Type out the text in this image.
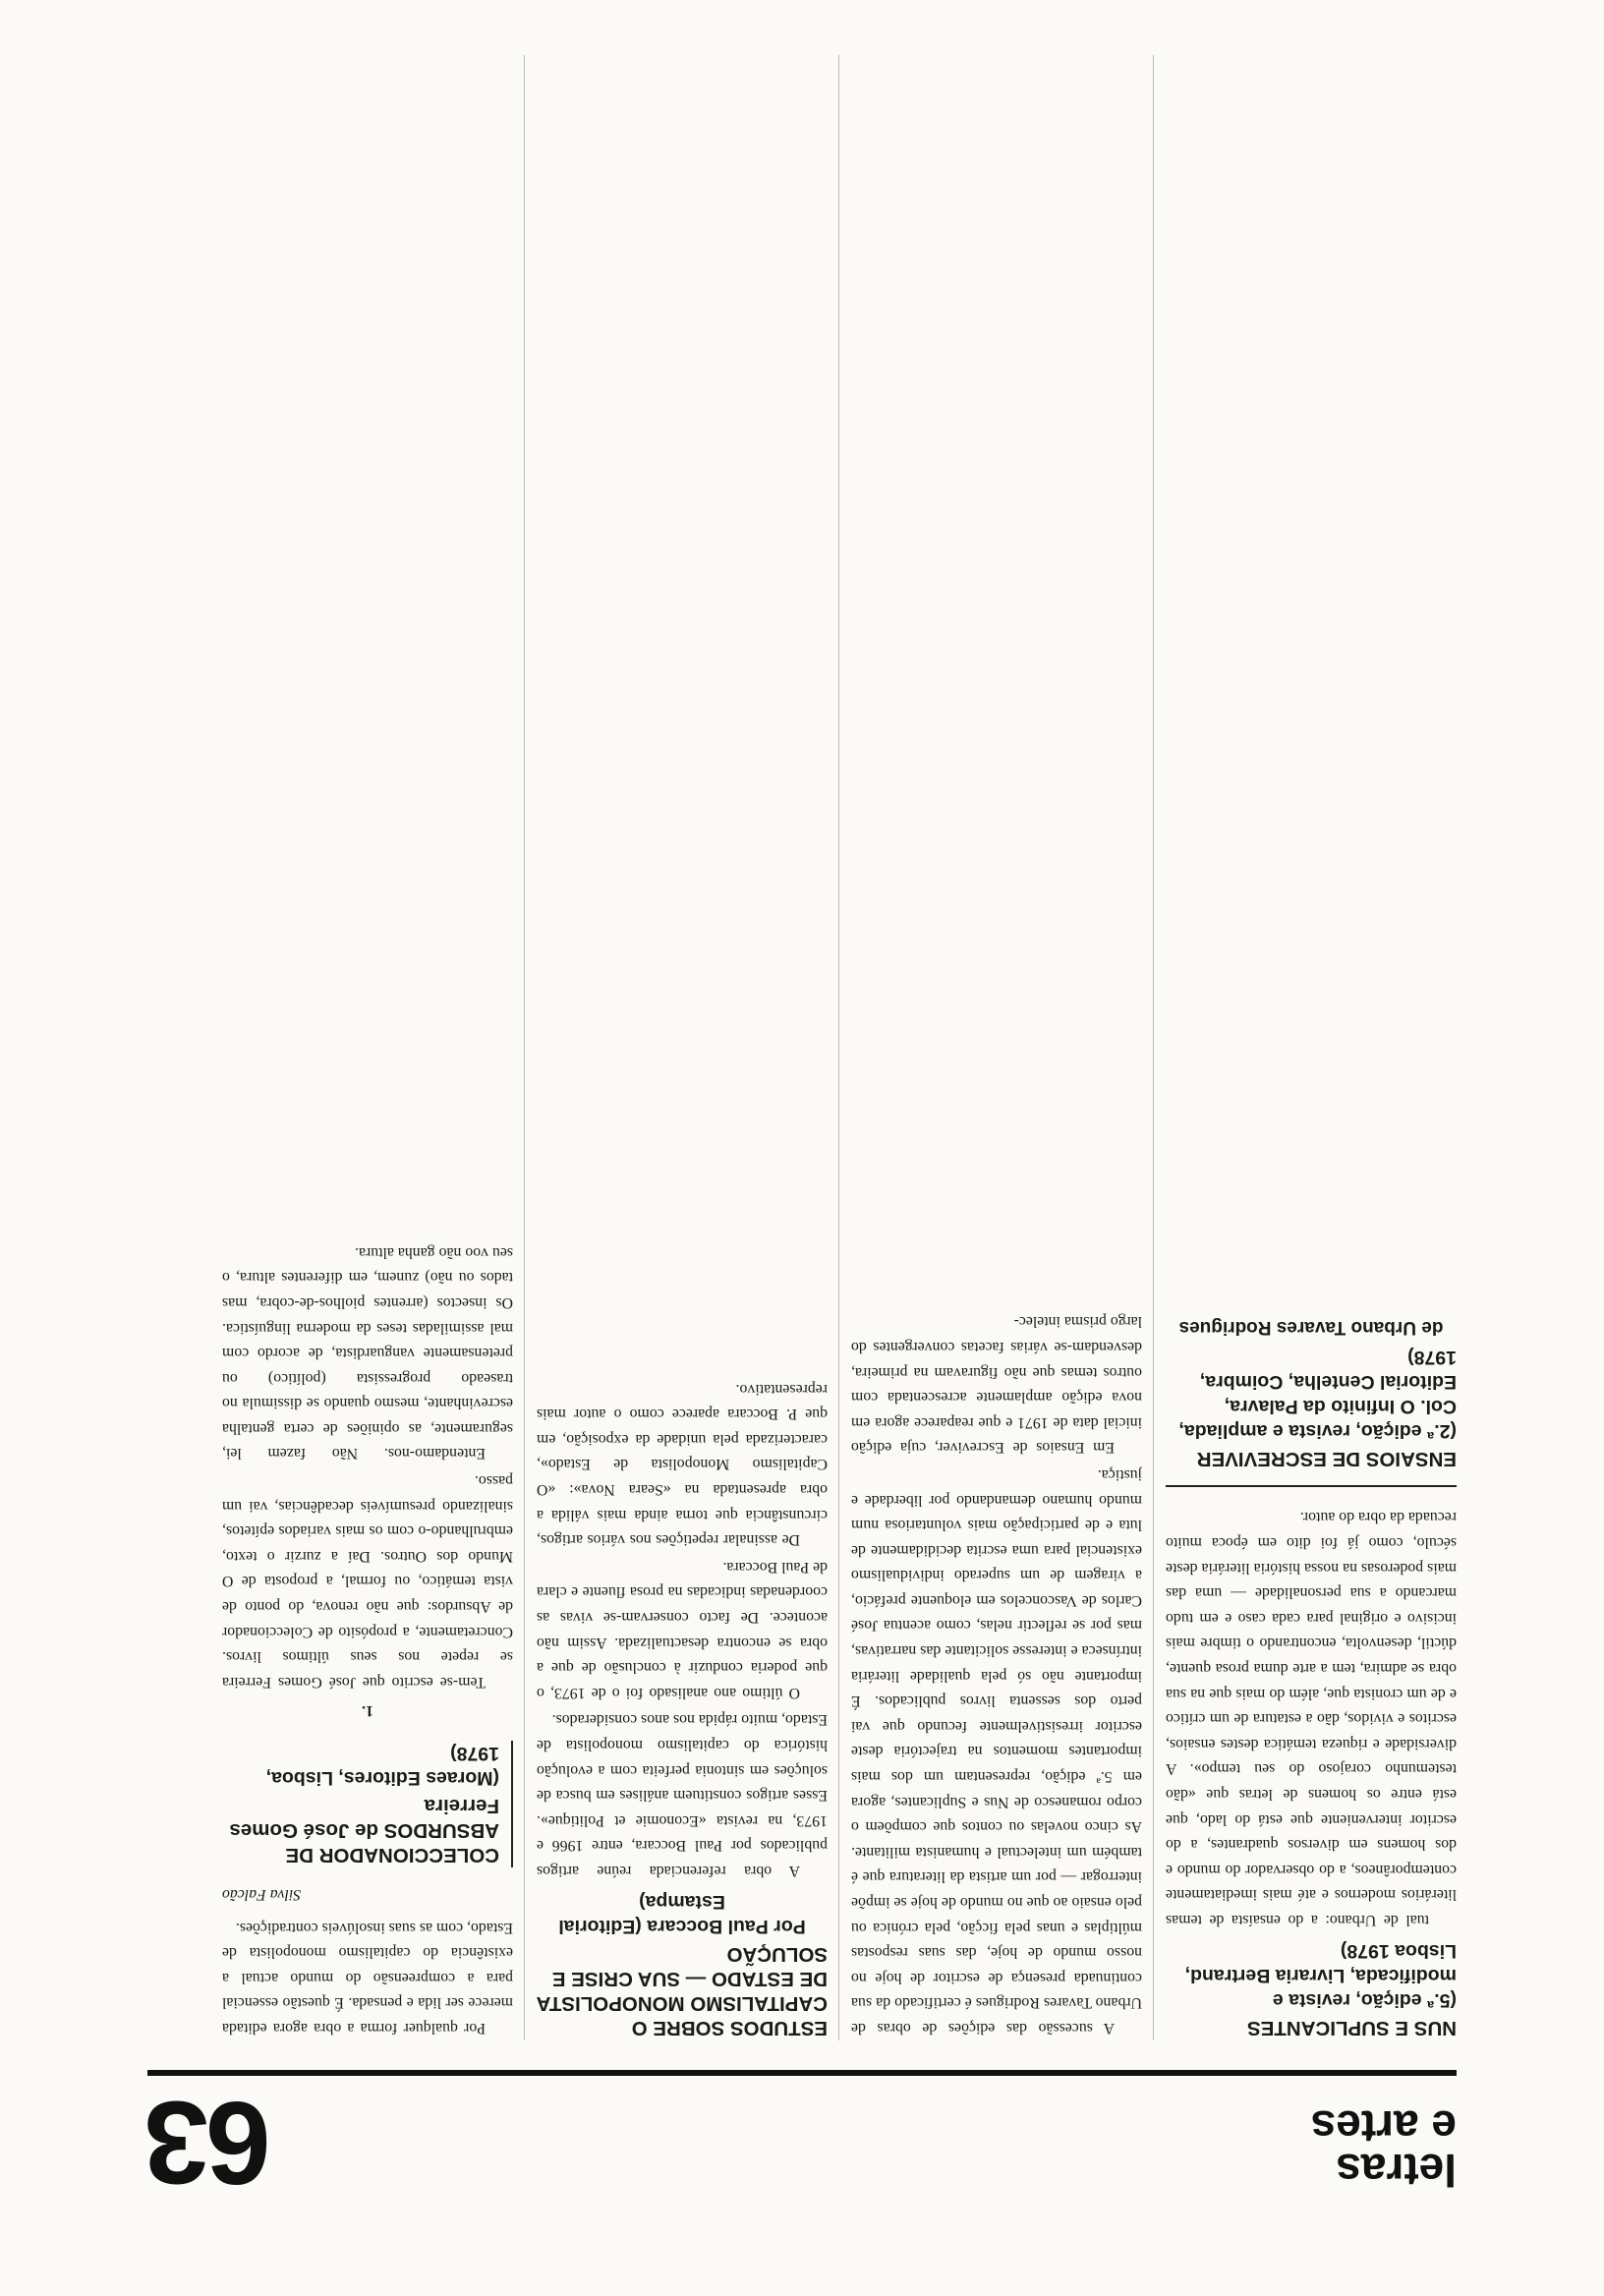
letras
e artes
63
NUS E SUPLICANTES
(5.ª edição, revista e modificada, Livraria Bertrand, Lisboa 1978)

tual de Urbano: a do ensaísta de temas literários modernos e até mais imediatamente contemporâneos, a do observador do mundo e dos homens em diversos quadrantes, a do escritor interveniente que está do lado, que está entre os homens de letras que «dão testemunho corajoso do seu tempo». A diversidade e riqueza temática destes ensaios, escritos e vividos, dão a estatura de um crítico e de um cronista que, além do mais que na sua obra se admira, tem a arte duma prosa quente, dúctil, desenvolta, encontrando o timbre mais incisivo e original para cada caso e em tudo marcando a sua personalidade — uma das mais poderosas na nossa história literária deste século, como já foi dito em época muito recuada da obra do autor.

ENSAIOS DE ESCREVIVER
(2.ª edição, revista e ampliada, Col. O Infinito da Palavra, Editorial Centelha, Coimbra, 1978)
de Urbano Tavares Rodrigues

A sucessão das edições de obras de Urbano Tavares Rodrigues é certificado da sua continuada presença de escritor de hoje no nosso mundo de hoje, das suas respostas múltiplas e unas pela ficção, pela crónica ou pelo ensaio ao que no mundo de hoje se impõe interrogar — por um artista da literatura que é também um intelectual e humanista militante. As cinco novelas ou contos que compõem o corpo romanesco de Nus e Suplicantes, agora em 5.ª edição, representam um dos mais importantes momentos na trajectória deste escritor irresistivelmente fecundo que vai perto dos sessenta livros publicados. É importante não só pela qualidade literária intrínseca e interesse solicitante das narrativas, mas por se reflectir nelas, como acentua José Carlos de Vasconcelos em eloquente prefácio, a viragem de um superado individualismo existencial para uma escrita decididamente de luta e de participação mais voluntariosa num mundo humano demandando por liberdade e justiça.

Em Ensaios de Escreviver, cuja edição inicial data de 1971 e que reaparece agora em nova edição amplamente acrescentada com outros temas que não figuravam na primeira, desvendam-se várias facetas convergentes do largo prisma intelec-

ESTUDOS SOBRE O CAPITALISMO MONOPOLISTA DE ESTADO — SUA CRISE E SOLUÇÃO
Por Paul Boccara (Editorial Estampa)

A obra referenciada reúne artigos publicados por Paul Boccara, entre 1966 e 1973, na revista «Economie et Politique». Esses artigos constituem análises em busca de soluções em sintonia perfeita com a evolução histórica do capitalismo monopolista de Estado, muito rápida nos anos considerados.

O último ano analisado foi o de 1973, o que poderia conduzir à conclusão de que a obra se encontra desactualizada. Assim não acontece. De facto conservam-se vivas as coordenadas indicadas na prosa fluente e clara de Paul Boccara.

De assinalar repetições nos vários artigos, circunstância que torna ainda mais válida a obra apresentada na «Seara Nova»: «O Capitalismo Monopolista de Estado», caracterizada pela unidade da exposição, em que P. Boccara aparece como o autor mais representativo.

Por qualquer forma a obra agora editada merece ser lida e pensada. É questão essencial para a compreensão do mundo actual a existência do capitalismo monopolista de Estado, com as suas insolúveis contradições.

Silva Falcão
COLECCIONADOR DE ABSURDOS de José Gomes Ferreira
(Moraes Editores, Lisboa, 1978)

1.

Tem-se escrito que José Gomes Ferreira se repete nos seus últimos livros. Concretamente, a propósito de Coleccionador de Absurdos: que não renova, do ponto de vista temático, ou formal, a proposta de O Mundo dos Outros. Daí a zurzir o texto, embrulhando-o com os mais variados epítetos, sinalizando presumíveis decadências, vai um passo.

Entendamo-nos. Não fazem lei, seguramente, as opiniões de certa gentalha escrevinhante, mesmo quando se dissimula no traseado progressista (político) ou pretensamente vanguardista, de acordo com mal assimiladas teses da moderna linguística. Os insectos (arrentes piolhos-de-cobra, mas tados ou não) zunem, em diferentes altura, o seu voo não ganha altura.
